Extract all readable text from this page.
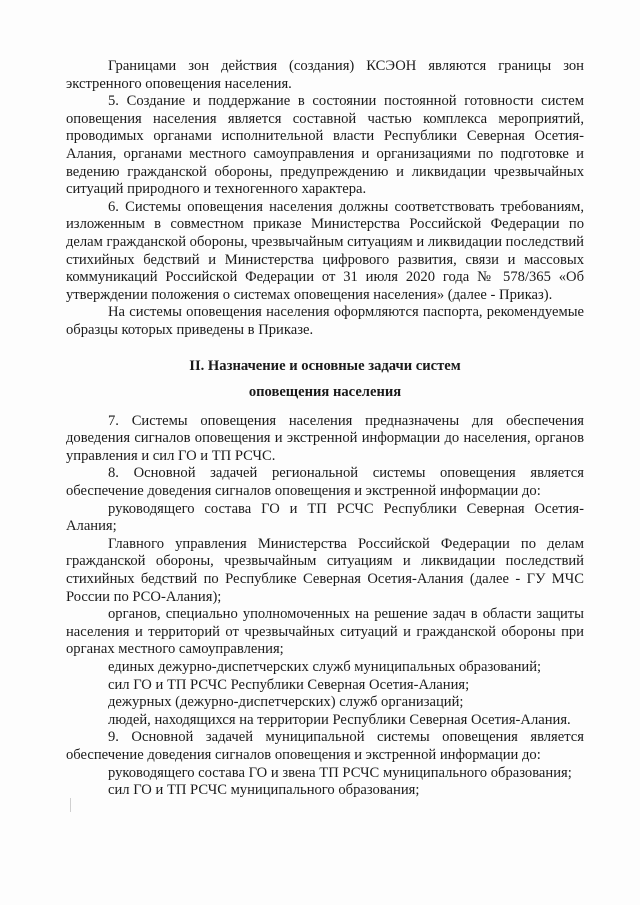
Границами зон действия (создания) КСЭОН являются границы зон экстренного оповещения населения.

5. Создание и поддержание в состоянии постоянной готовности систем оповещения населения является составной частью комплекса мероприятий, проводимых органами исполнительной власти Республики Северная Осетия-Алания, органами местного самоуправления и организациями по подготовке и ведению гражданской обороны, предупреждению и ликвидации чрезвычайных ситуаций природного и техногенного характера.

6. Системы оповещения населения должны соответствовать требованиям, изложенным в совместном приказе Министерства Российской Федерации по делам гражданской обороны, чрезвычайным ситуациям и ликвидации последствий стихийных бедствий и Министерства цифрового развития, связи и массовых коммуникаций Российской Федерации от 31 июля 2020 года № 578/365 «Об утверждении положения о системах оповещения населения» (далее - Приказ).

На системы оповещения населения оформляются паспорта, рекомендуемые образцы которых приведены в Приказе.

II. Назначение и основные задачи систем
оповещения населения

7. Системы оповещения населения предназначены для обеспечения доведения сигналов оповещения и экстренной информации до населения, органов управления и сил ГО и ТП РСЧС.

8. Основной задачей региональной системы оповещения является обеспечение доведения сигналов оповещения и экстренной информации до:

руководящего состава ГО и ТП РСЧС Республики Северная Осетия-Алания;

Главного управления Министерства Российской Федерации по делам гражданской обороны, чрезвычайным ситуациям и ликвидации последствий стихийных бедствий по Республике Северная Осетия-Алания (далее - ГУ МЧС России по РСО-Алания);

органов, специально уполномоченных на решение задач в области защиты населения и территорий от чрезвычайных ситуаций и гражданской обороны при органах местного самоуправления;

единых дежурно-диспетчерских служб муниципальных образований;

сил ГО и ТП РСЧС Республики Северная Осетия-Алания;

дежурных (дежурно-диспетчерских) служб организаций;

людей, находящихся на территории Республики Северная Осетия-Алания.

9. Основной задачей муниципальной системы оповещения является обеспечение доведения сигналов оповещения и экстренной информации до:

руководящего состава ГО и звена ТП РСЧС муниципального образования;

сил ГО и ТП РСЧС муниципального образования;
